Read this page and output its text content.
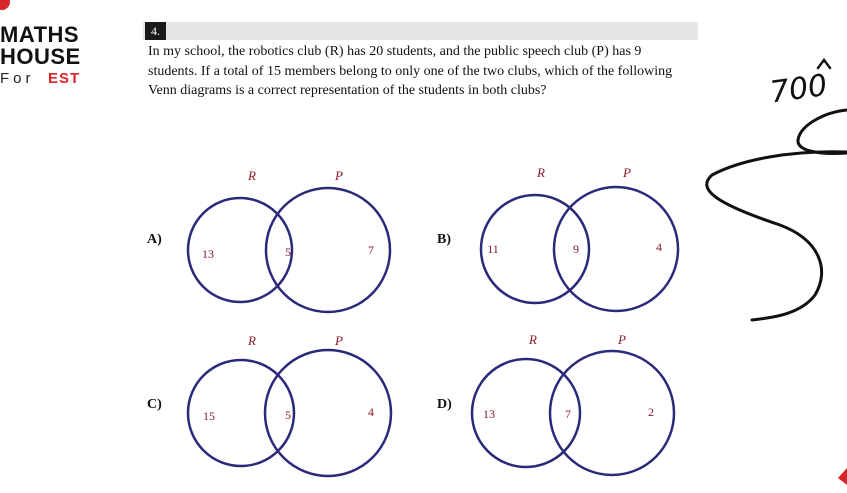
MATHS
HOUSE
For EST
4.
In my school, the robotics club (R) has 20 students, and the public speech club (P) has 9 students. If a total of 15 members belong to only one of the two clubs, which of the following Venn diagrams is a correct representation of the students in both clubs?
A)	B)
C)	D)
R	P
13	5	7
R	P
11	9	4
R	P
15	5	4
R	P
13	7	2
700
